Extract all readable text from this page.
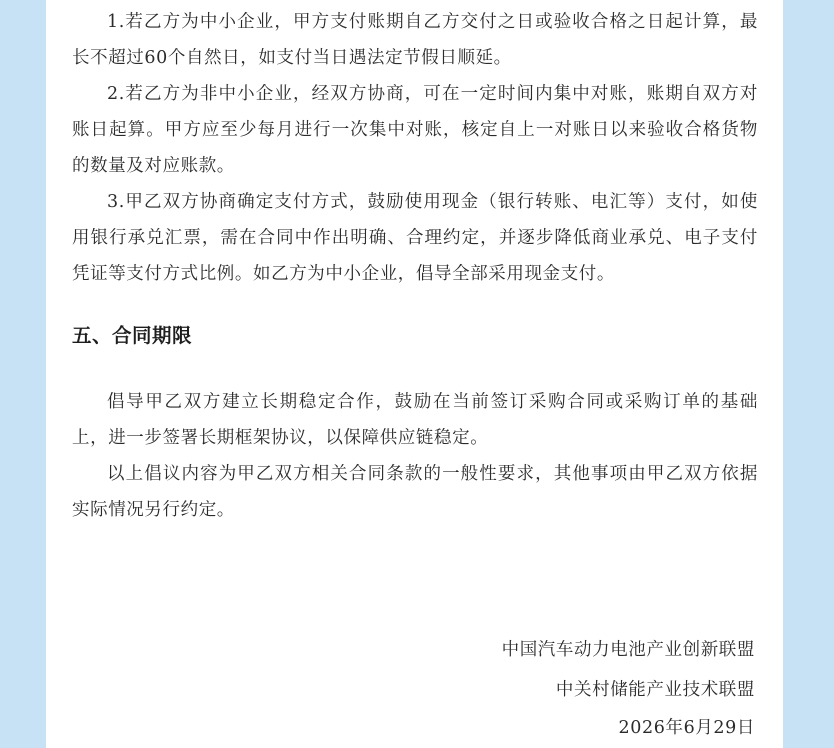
1.若乙方为中小企业，甲方支付账期自乙方交付之日或验收合格之日起计算，最长不超过60个自然日，如支付当日遇法定节假日顺延。

2.若乙方为非中小企业，经双方协商，可在一定时间内集中对账，账期自双方对账日起算。甲方应至少每月进行一次集中对账，核定自上一对账日以来验收合格货物的数量及对应账款。

3.甲乙双方协商确定支付方式，鼓励使用现金（银行转账、电汇等）支付，如使用银行承兑汇票，需在合同中作出明确、合理约定，并逐步降低商业承兑、电子支付凭证等支付方式比例。如乙方为中小企业，倡导全部采用现金支付。

五、合同期限

倡导甲乙双方建立长期稳定合作，鼓励在当前签订采购合同或采购订单的基础上，进一步签署长期框架协议，以保障供应链稳定。

以上倡议内容为甲乙双方相关合同条款的一般性要求，其他事项由甲乙双方依据实际情况另行约定。

中国汽车动力电池产业创新联盟
中关村储能产业技术联盟
2026年6月29日
